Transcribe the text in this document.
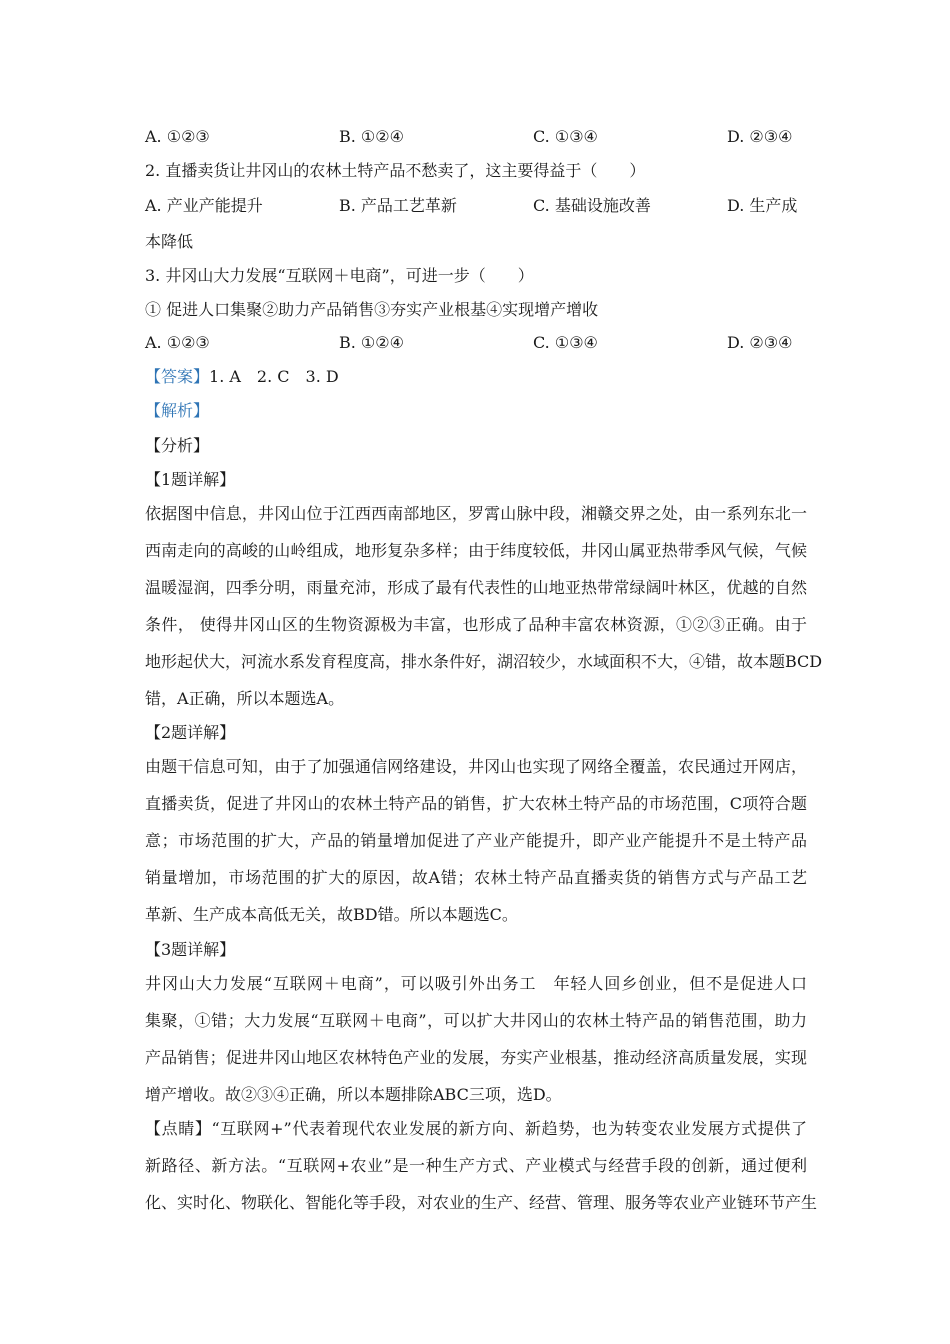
A. ①②③	B. ①②④	C. ①③④	D. ②③④
2. 直播卖货让井冈山的农林土特产品不愁卖了，这主要得益于（　　）
A. 产业产能提升	B. 产品工艺革新	C. 基础设施改善	D. 生产成
本降低
3. 井冈山大力发展“互联网＋电商”，可进一步（　　）
① 促进人口集聚②助力产品销售③夯实产业根基④实现增产增收
A. ①②③	B. ①②④	C. ①③④	D. ②③④
【答案】1. A　2. C　3. D
【解析】
【分析】
【1题详解】
依据图中信息，井冈山位于江西西南部地区，罗霄山脉中段，湘赣交界之处，由一系列东北一
西南走向的高峻的山岭组成，地形复杂多样；由于纬度较低，井冈山属亚热带季风气候，气候
温暖湿润，四季分明，雨量充沛，形成了最有代表性的山地亚热带常绿阔叶林区，优越的自然
条件， 使得井冈山区的生物资源极为丰富，也形成了品种丰富农林资源，①②③正确。由于
地形起伏大，河流水系发育程度高，排水条件好，湖沼较少，水域面积不大，④错，故本题BCD
错，A正确，所以本题选A。
【2题详解】
由题干信息可知，由于了加强通信网络建设，井冈山也实现了网络全覆盖，农民通过开网店，
直播卖货，促进了井冈山的农林土特产品的销售，扩大农林土特产品的市场范围，C项符合题
意；市场范围的扩大，产品的销量增加促进了产业产能提升，即产业产能提升不是土特产品
销量增加，市场范围的扩大的原因，故A错；农林土特产品直播卖货的销售方式与产品工艺
革新、生产成本高低无关，故BD错。所以本题选C。
【3题详解】
井冈山大力发展“互联网＋电商”，可以吸引外出务工　年轻人回乡创业，但不是促进人口
集聚，①错；大力发展“互联网＋电商”，可以扩大井冈山的农林土特产品的销售范围，助力
产品销售；促进井冈山地区农林特色产业的发展，夯实产业根基，推动经济高质量发展，实现
增产增收。故②③④正确，所以本题排除ABC三项，选D。
【点睛】“互联网+”代表着现代农业发展的新方向、新趋势，也为转变农业发展方式提供了
新路径、新方法。“互联网+农业”是一种生产方式、产业模式与经营手段的创新，通过便利
化、实时化、物联化、智能化等手段，对农业的生产、经营、管理、服务等农业产业链环节产生
